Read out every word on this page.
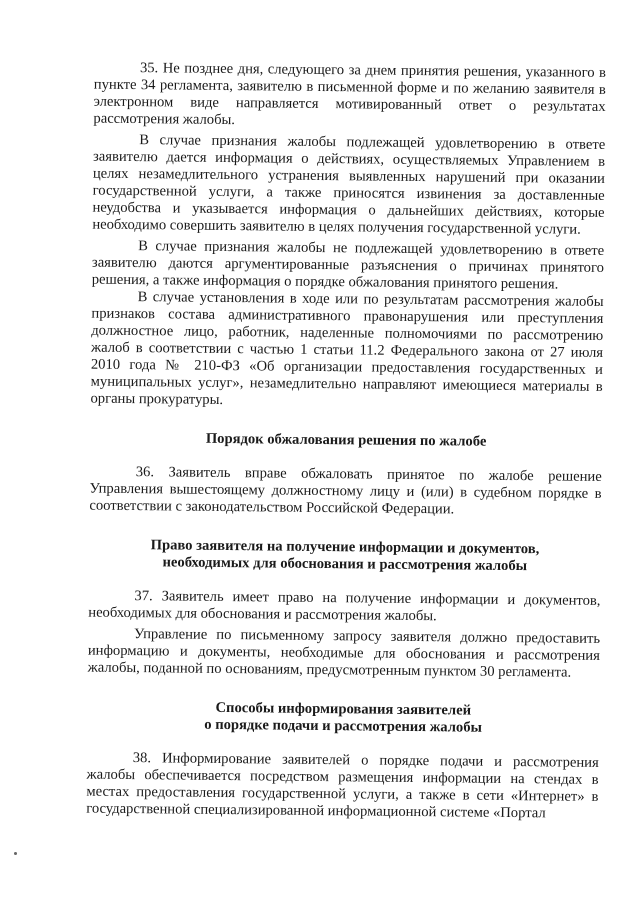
35. Не позднее дня, следующего за днем принятия решения, указанного в пункте 34 регламента, заявителю в письменной форме и по желанию заявителя в электронном виде направляется мотивированный ответ о результатах рассмотрения жалобы.

В случае признания жалобы подлежащей удовлетворению в ответе заявителю дается информация о действиях, осуществляемых Управлением в целях незамедлительного устранения выявленных нарушений при оказании государственной услуги, а также приносятся извинения за доставленные неудобства и указывается информация о дальнейших действиях, которые необходимо совершить заявителю в целях получения государственной услуги.

В случае признания жалобы не подлежащей удовлетворению в ответе заявителю даются аргументированные разъяснения о причинах принятого решения, а также информация о порядке обжалования принятого решения.

В случае установления в ходе или по результатам рассмотрения жалобы признаков состава административного правонарушения или преступления должностное лицо, работник, наделенные полномочиями по рассмотрению жалоб в соответствии с частью 1 статьи 11.2 Федерального закона от 27 июля 2010 года № 210-ФЗ «Об организации предоставления государственных и муниципальных услуг», незамедлительно направляют имеющиеся материалы в органы прокуратуры.

Порядок обжалования решения по жалобе

36. Заявитель вправе обжаловать принятое по жалобе решение Управления вышестоящему должностному лицу и (или) в судебном порядке в соответствии с законодательством Российской Федерации.

Право заявителя на получение информации и документов,
необходимых для обоснования и рассмотрения жалобы

37. Заявитель имеет право на получение информации и документов, необходимых для обоснования и рассмотрения жалобы.

Управление по письменному запросу заявителя должно предоставить информацию и документы, необходимые для обоснования и рассмотрения жалобы, поданной по основаниям, предусмотренным пунктом 30 регламента.

Способы информирования заявителей
о порядке подачи и рассмотрения жалобы

38. Информирование заявителей о порядке подачи и рассмотрения жалобы обеспечивается посредством размещения информации на стендах в местах предоставления государственной услуги, а также в сети «Интернет» в государственной специализированной информационной системе «Портал
